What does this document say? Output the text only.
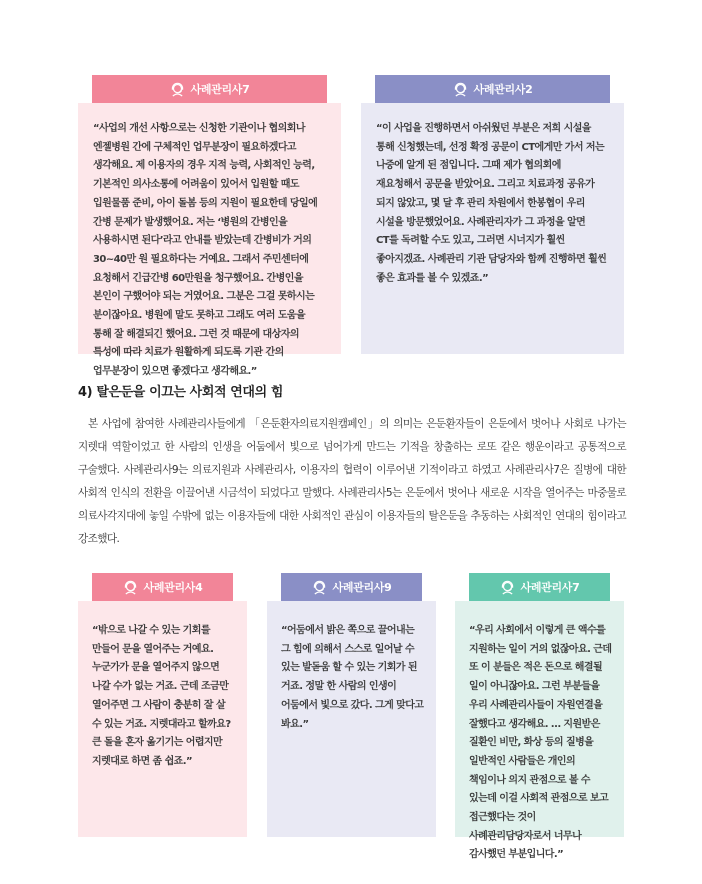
사례관리사7
“사업의 개선 사항으로는 신청한 기관이나 협의회나 엔젤병원 간에 구체적인 업무분장이 필요하겠다고 생각해요. 제 이용자의 경우 지적 능력, 사회적인 능력, 기본적인 의사소통에 어려움이 있어서 입원할 때도 입원물품 준비, 아이 돌봄 등의 지원이 필요한데 당일에 간병 문제가 발생했어요. 저는 ‘병원의 간병인을 사용하시면 된다’라고 안내를 받았는데 간병비가 거의 30~40만 원 필요하다는 거예요. 그래서 주민센터에 요청해서 긴급간병 60만원을 청구했어요. 간병인을 본인이 구했어야 되는 거였어요. 그분은 그걸 못하시는 분이잖아요. 병원에 말도 못하고 그래도 여러 도움을 통해 잘 해결되긴 했어요. 그런 것 때문에 대상자의 특성에 따라 치료가 원활하게 되도록 기관 간의 업무분장이 있으면 좋겠다고 생각해요.”
사례관리사2
“이 사업을 진행하면서 아쉬웠던 부분은 저희 시설을 통해 신청했는데, 선정 확정 공문이 CT에게만 가서 저는 나중에 알게 된 점입니다. 그때 제가 협의회에 재요청해서 공문을 받았어요. 그리고 치료과정 공유가 되지 않았고, 몇 달 후 관리 차원에서 한봉협이 우리 시설을 방문했었어요. 사례관리자가 그 과정을 알면 CT를 독려할 수도 있고, 그러면 시너지가 훨씬 좋아지겠죠. 사례관리 기관 담당자와 함께 진행하면 훨씬 좋은 효과를 볼 수 있겠죠.”
4) 탈은둔을 이끄는 사회적 연대의 힘

본 사업에 참여한 사례관리사들에게 「은둔환자의료지원캠페인」의 의미는 은둔환자들이 은둔에서 벗어나 사회로 나가는 지렛대 역할이었고 한 사람의 인생을 어둠에서 빛으로 넘어가게 만드는 기적을 창출하는 로또 같은 행운이라고 공통적으로 구술했다. 사례관리사9는 의료지원과 사례관리사, 이용자의 협력이 이루어낸 기적이라고 하였고 사례관리사7은 질병에 대한 사회적 인식의 전환을 이끌어낸 시금석이 되었다고 말했다. 사례관리사5는 은둔에서 벗어나 새로운 시작을 열어주는 마중물로 의료사각지대에 놓일 수밖에 없는 이용자들에 대한 사회적인 관심이 이용자들의 탈은둔을 추동하는 사회적인 연대의 힘이라고 강조했다.

사례관리사4
“밖으로 나갈 수 있는 기회를 만들어 문을 열어주는 거예요. 누군가가 문을 열어주지 않으면 나갈 수가 없는 거죠. 근데 조금만 열어주면 그 사람이 충분히 잘 살 수 있는 거죠. 지렛대라고 할까요? 큰 돌을 혼자 옮기기는 어렵지만 지렛대로 하면 좀 쉽죠.”
사례관리사9
“어둠에서 밝은 쪽으로 끌어내는 그 힘에 의해서 스스로 일어날 수 있는 발돋움 할 수 있는 기회가 된 거죠. 정말 한 사람의 인생이 어둠에서 빛으로 갔다. 그게 맞다고 봐요.”
사례관리사7
“우리 사회에서 이렇게 큰 액수를 지원하는 일이 거의 없잖아요. 근데 또 이 분들은 적은 돈으로 해결될 일이 아니잖아요. 그런 부분들을 우리 사례관리사들이 자원연결을 잘했다고 생각해요. … 지원받은 질환인 비만, 화상 등의 질병을 일반적인 사람들은 개인의 책임이나 의지 관점으로 볼 수 있는데 이걸 사회적 관점으로 보고 접근했다는 것이 사례관리담당자로서 너무나 감사했던 부분입니다.”
